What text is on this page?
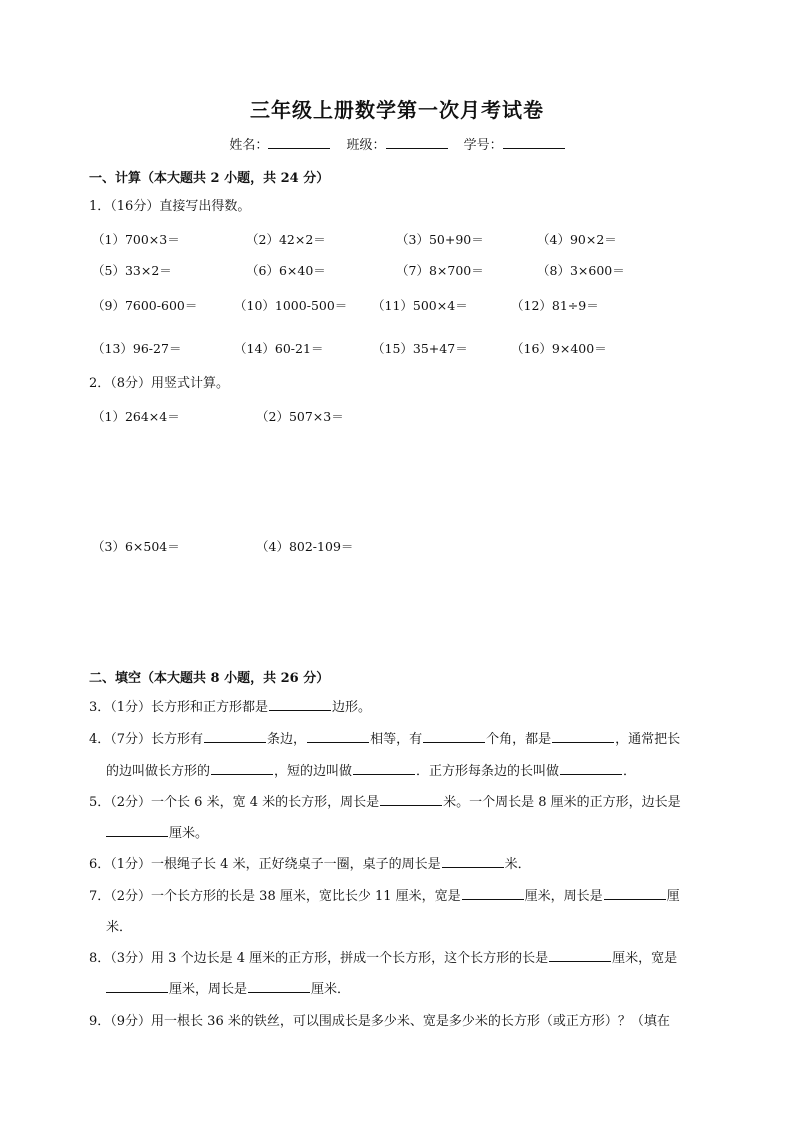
三年级上册数学第一次月考试卷
姓名：	班级：	学号：
一、计算（本大题共 2 小题，共 24 分）
1．（16分）直接写出得数。
（1）700×3＝	（2）42×2＝	（3）50+90＝	（4）90×2＝
（5）33×2＝	（6）6×40＝	（7）8×700＝	（8）3×600＝
（9）7600-600＝	（10）1000-500＝ （11）500×4＝	（12）81÷9＝
（13）96-27＝	（14）60-21＝	（15）35+47＝	（16）9×400＝
2．（8分）用竖式计算。
（1）264×4＝	（2）507×3＝
（3）6×504＝	（4）802-109＝
二、填空（本大题共 8 小题，共 26 分）
3．（1分）长方形和正方形都是	边形。
4．（7分）长方形有	条边，	相等，有	个角，都是	，通常把长
的边叫做长方形的	，短的边叫做	．正方形每条边的长叫做	．
5．（2分）一个长 6 米，宽 4 米的长方形，周长是	米。一个周长是 8 厘米的正方形，边长是
厘米。
6．（1分）一根绳子长 4 米，正好绕桌子一圈，桌子的周长是	米．
7．（2分）一个长方形的长是 38 厘米，宽比长少 11 厘米，宽是	厘米，周长是	厘
米．
8．（3分）用 3 个边长是 4 厘米的正方形，拼成一个长方形，这个长方形的长是	厘米，宽是
厘米，周长是	厘米．
9．（9分）用一根长 36 米的铁丝，可以围成长是多少米、宽是多少米的长方形（或正方形）？（填在
